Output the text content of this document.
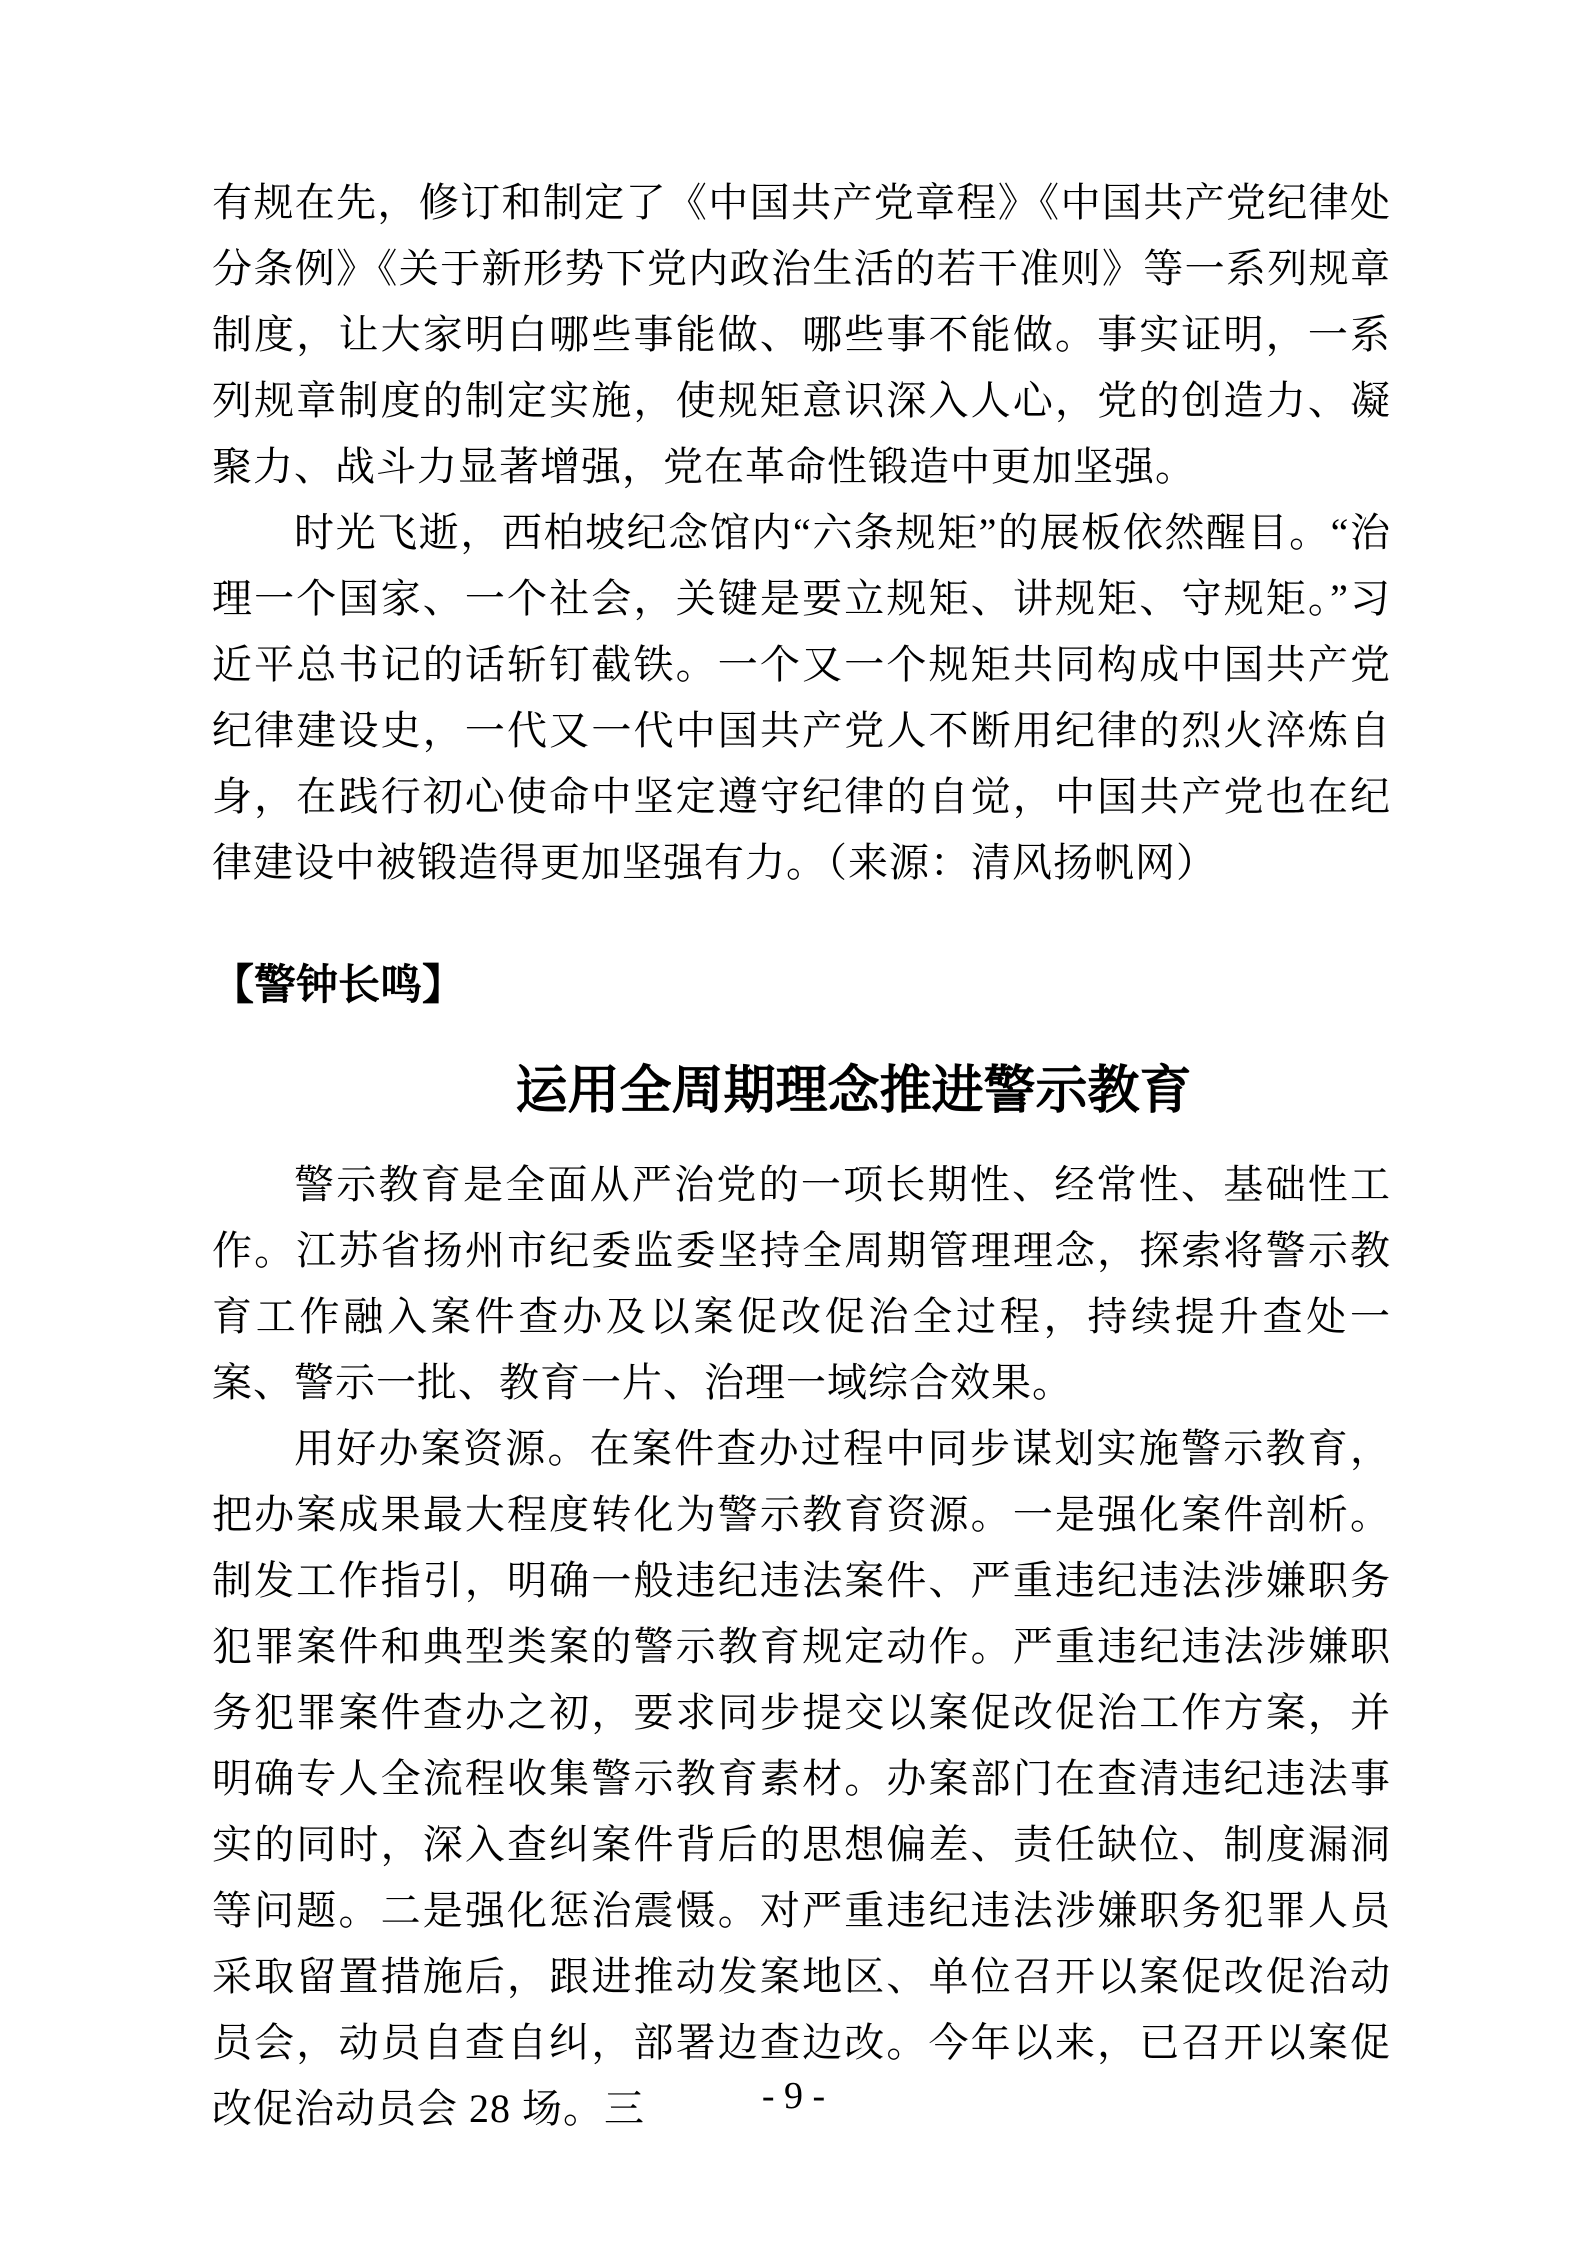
有规在先，修订和制定了《中国共产党章程》《中国共产党纪律处分条例》《关于新形势下党内政治生活的若干准则》等一系列规章制度，让大家明白哪些事能做、哪些事不能做。事实证明，一系列规章制度的制定实施，使规矩意识深入人心，党的创造力、凝聚力、战斗力显著增强，党在革命性锻造中更加坚强。

时光飞逝，西柏坡纪念馆内“六条规矩”的展板依然醒目。“治理一个国家、一个社会，关键是要立规矩、讲规矩、守规矩。”习近平总书记的话斩钉截铁。一个又一个规矩共同构成中国共产党纪律建设史，一代又一代中国共产党人不断用纪律的烈火淬炼自身，在践行初心使命中坚定遵守纪律的自觉，中国共产党也在纪律建设中被锻造得更加坚强有力。（来源：清风扬帆网）

【警钟长鸣】
运用全周期理念推进警示教育

警示教育是全面从严治党的一项长期性、经常性、基础性工作。江苏省扬州市纪委监委坚持全周期管理理念，探索将警示教育工作融入案件查办及以案促改促治全过程，持续提升查处一案、警示一批、教育一片、治理一域综合效果。

用好办案资源。在案件查办过程中同步谋划实施警示教育，把办案成果最大程度转化为警示教育资源。一是强化案件剖析。制发工作指引，明确一般违纪违法案件、严重违纪违法涉嫌职务犯罪案件和典型类案的警示教育规定动作。严重违纪违法涉嫌职务犯罪案件查办之初，要求同步提交以案促改促治工作方案，并明确专人全流程收集警示教育素材。办案部门在查清违纪违法事实的同时，深入查纠案件背后的思想偏差、责任缺位、制度漏洞等问题。二是强化惩治震慑。对严重违纪违法涉嫌职务犯罪人员采取留置措施后，跟进推动发案地区、单位召开以案促改促治动员会，动员自查自纠，部署边查边改。今年以来，已召开以案促改促治动员会 28 场。三	- 9 -
